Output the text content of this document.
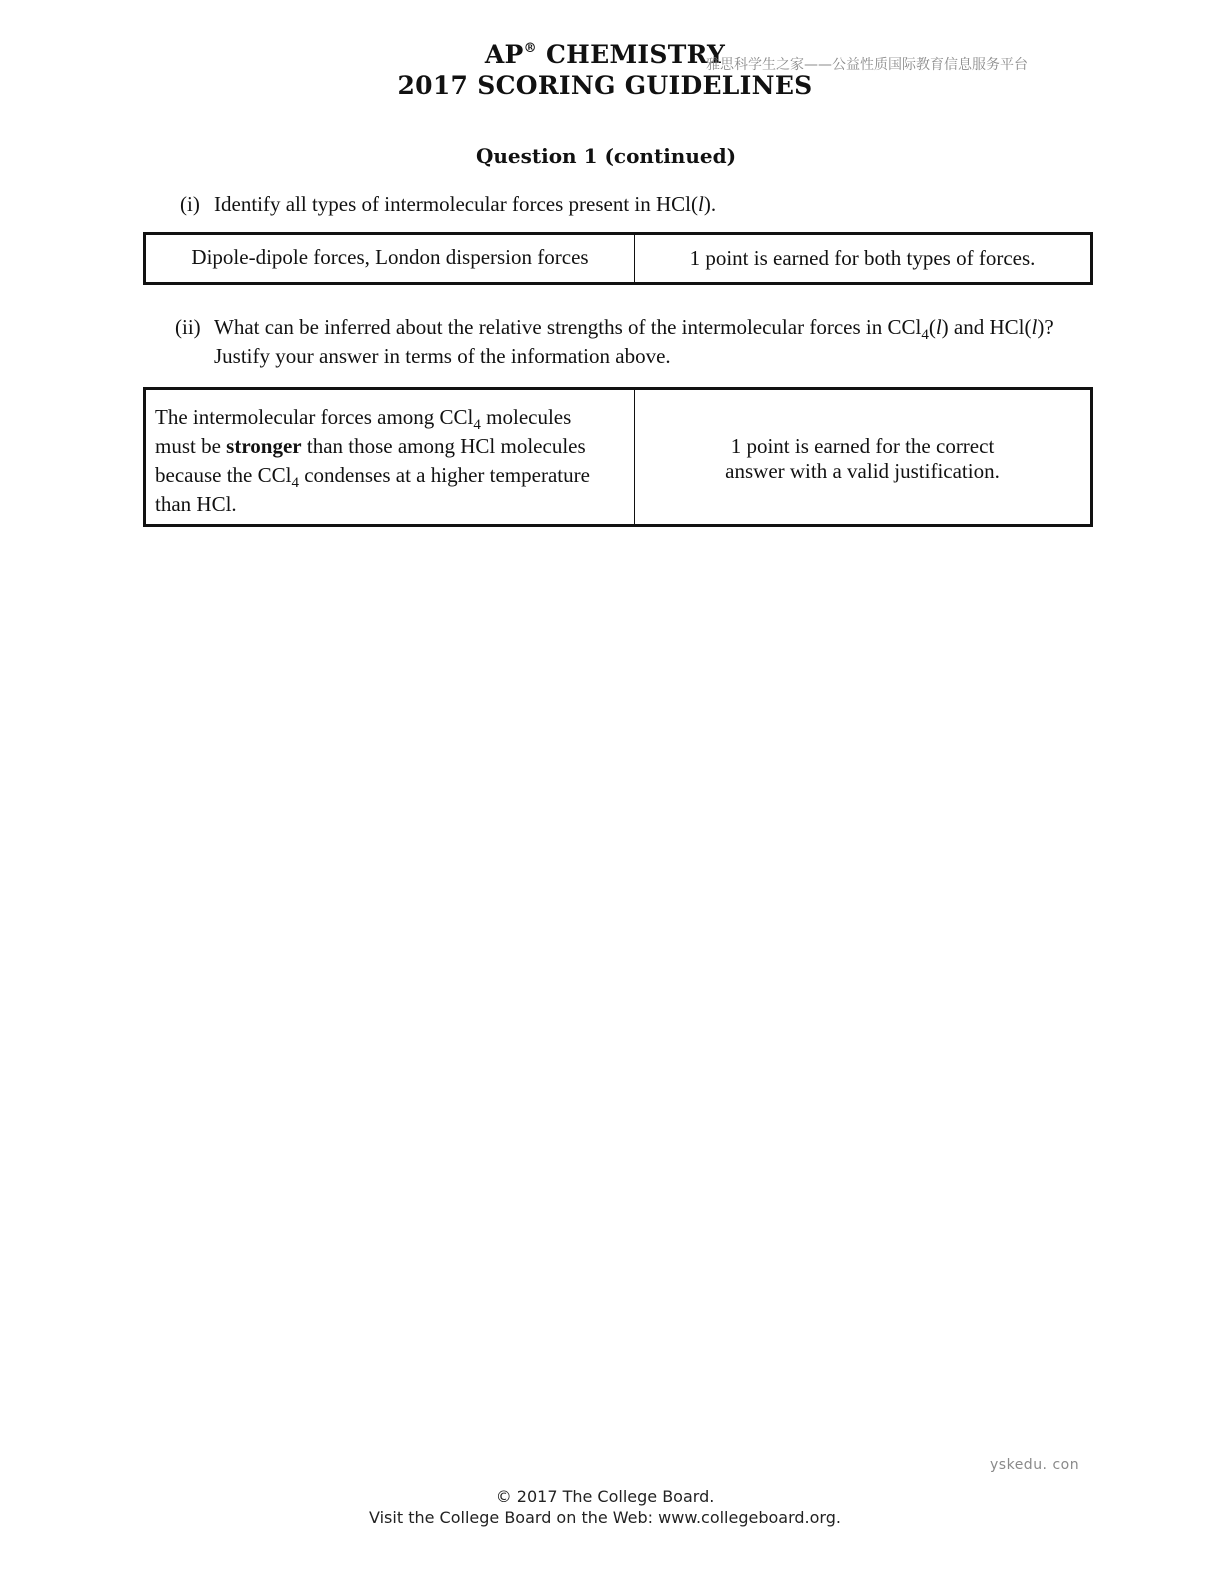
AP® CHEMISTRY
2017 SCORING GUIDELINES
雅思科学生之家——公益性质国际教育信息服务平台
Question 1 (continued)
(i) Identify all types of intermolecular forces present in HCl(l).
Dipole-dipole forces, London dispersion forces	1 point is earned for both types of forces.
(ii) What can be inferred about the relative strengths of the intermolecular forces in CCl$_4$(l) and HCl(l)?
Justify your answer in terms of the information above.
The intermolecular forces among CCl$_4$ molecules
must be stronger than those among HCl molecules
because the CCl$_4$ condenses at a higher temperature
than HCl.
1 point is earned for the correct
answer with a valid justification.
yskedu. con
© 2017 The College Board.
Visit the College Board on the Web: www.collegeboard.org.
